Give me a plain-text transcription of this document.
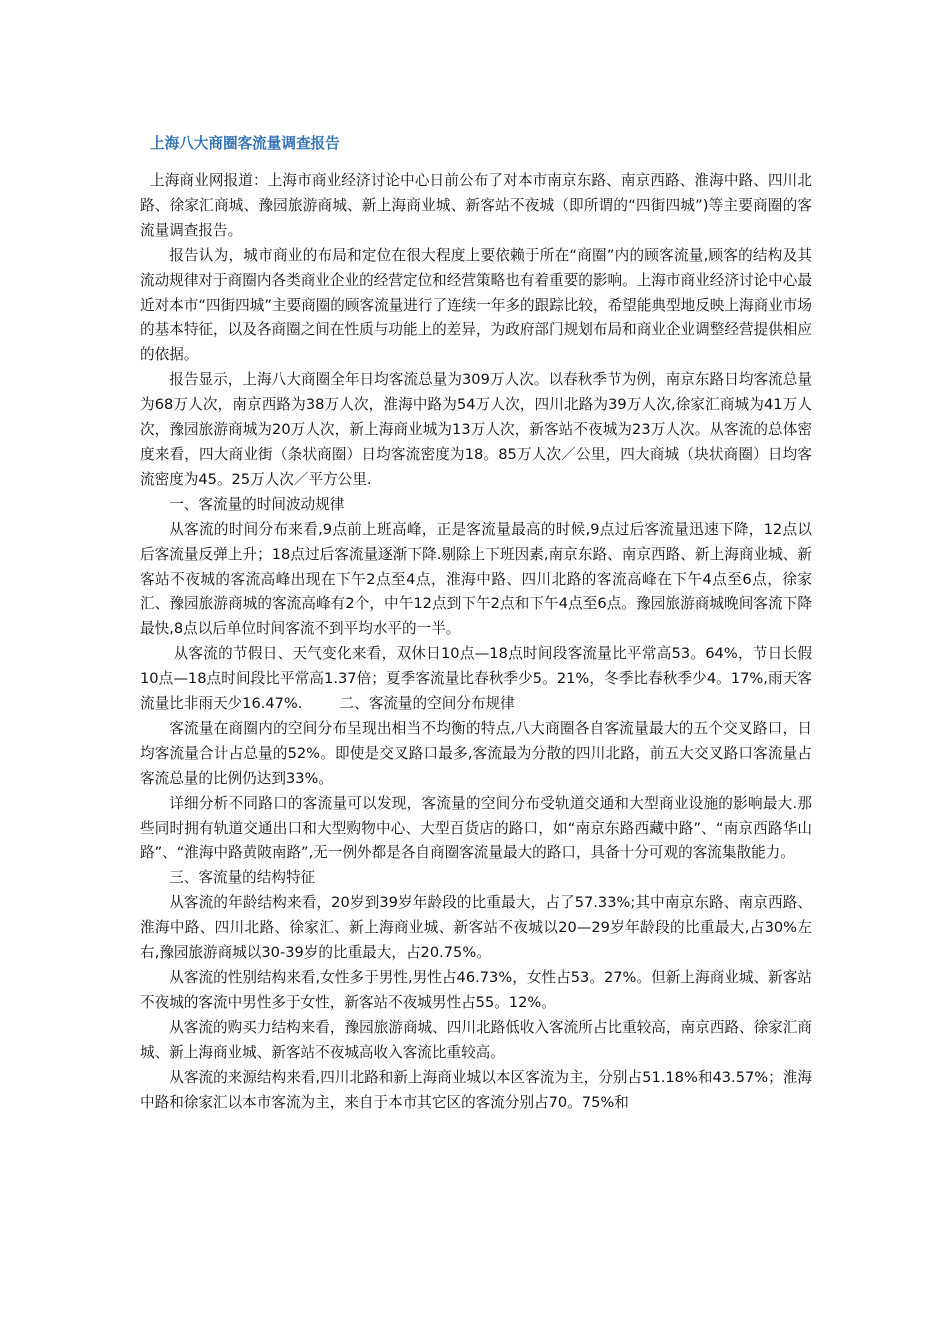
上海八大商圈客流量调查报告

上海商业网报道：上海市商业经济讨论中心日前公布了对本市南京东路、南京西路、淮海中路、四川北路、徐家汇商城、豫园旅游商城、新上海商业城、新客站不夜城（即所谓的“四街四城”)等主要商圈的客流量调查报告。

报告认为，城市商业的布局和定位在很大程度上要依赖于所在“商圈”内的顾客流量,顾客的结构及其流动规律对于商圈内各类商业企业的经营定位和经营策略也有着重要的影响。上海市商业经济讨论中心最近对本市“四街四城”主要商圈的顾客流量进行了连续一年多的跟踪比较，希望能典型地反映上海商业市场的基本特征，以及各商圈之间在性质与功能上的差异，为政府部门规划布局和商业企业调整经营提供相应的依据。

报告显示，上海八大商圈全年日均客流总量为309万人次。以春秋季节为例，南京东路日均客流总量为68万人次，南京西路为38万人次，淮海中路为54万人次，四川北路为39万人次,徐家汇商城为41万人次，豫园旅游商城为20万人次，新上海商业城为13万人次，新客站不夜城为23万人次。从客流的总体密度来看，四大商业街（条状商圈）日均客流密度为18。85万人次／公里，四大商城（块状商圈）日均客流密度为45。25万人次／平方公里.

一、客流量的时间波动规律

从客流的时间分布来看,9点前上班高峰，正是客流量最高的时候,9点过后客流量迅速下降，12点以后客流量反弹上升；18点过后客流量逐渐下降.剔除上下班因素,南京东路、南京西路、新上海商业城、新客站不夜城的客流高峰出现在下午2点至4点，淮海中路、四川北路的客流高峰在下午4点至6点，徐家汇、豫园旅游商城的客流高峰有2个，中午12点到下午2点和下午4点至6点。豫园旅游商城晚间客流下降最快,8点以后单位时间客流不到平均水平的一半。

从客流的节假日、天气变化来看，双休日10点—18点时间段客流量比平常高53。64%，节日长假10点—18点时间段比平常高1.37倍；夏季客流量比春秋季少5。21%，冬季比春秋季少4。17%,雨天客流量比非雨天少16.47%.        二、客流量的空间分布规律

客流量在商圈内的空间分布呈现出相当不均衡的特点,八大商圈各自客流量最大的五个交叉路口，日均客流量合计占总量的52%。即使是交叉路口最多,客流最为分散的四川北路，前五大交叉路口客流量占客流总量的比例仍达到33%。

详细分析不同路口的客流量可以发现，客流量的空间分布受轨道交通和大型商业设施的影响最大.那些同时拥有轨道交通出口和大型购物中心、大型百货店的路口，如“南京东路西藏中路”、“南京西路华山路”、“淮海中路黄陂南路”,无一例外都是各自商圈客流量最大的路口，具备十分可观的客流集散能力。

三、客流量的结构特征

从客流的年龄结构来看，20岁到39岁年龄段的比重最大，占了57.33%;其中南京东路、南京西路、淮海中路、四川北路、徐家汇、新上海商业城、新客站不夜城以20—29岁年龄段的比重最大,占30%左右,豫园旅游商城以30-39岁的比重最大，占20.75%。

从客流的性别结构来看,女性多于男性,男性占46.73%，女性占53。27%。但新上海商业城、新客站不夜城的客流中男性多于女性，新客站不夜城男性占55。12%。

从客流的购买力结构来看，豫园旅游商城、四川北路低收入客流所占比重较高，南京西路、徐家汇商城、新上海商业城、新客站不夜城高收入客流比重较高。

从客流的来源结构来看,四川北路和新上海商业城以本区客流为主，分别占51.18%和43.57%；淮海中路和徐家汇以本市客流为主，来自于本市其它区的客流分别占70。75%和
